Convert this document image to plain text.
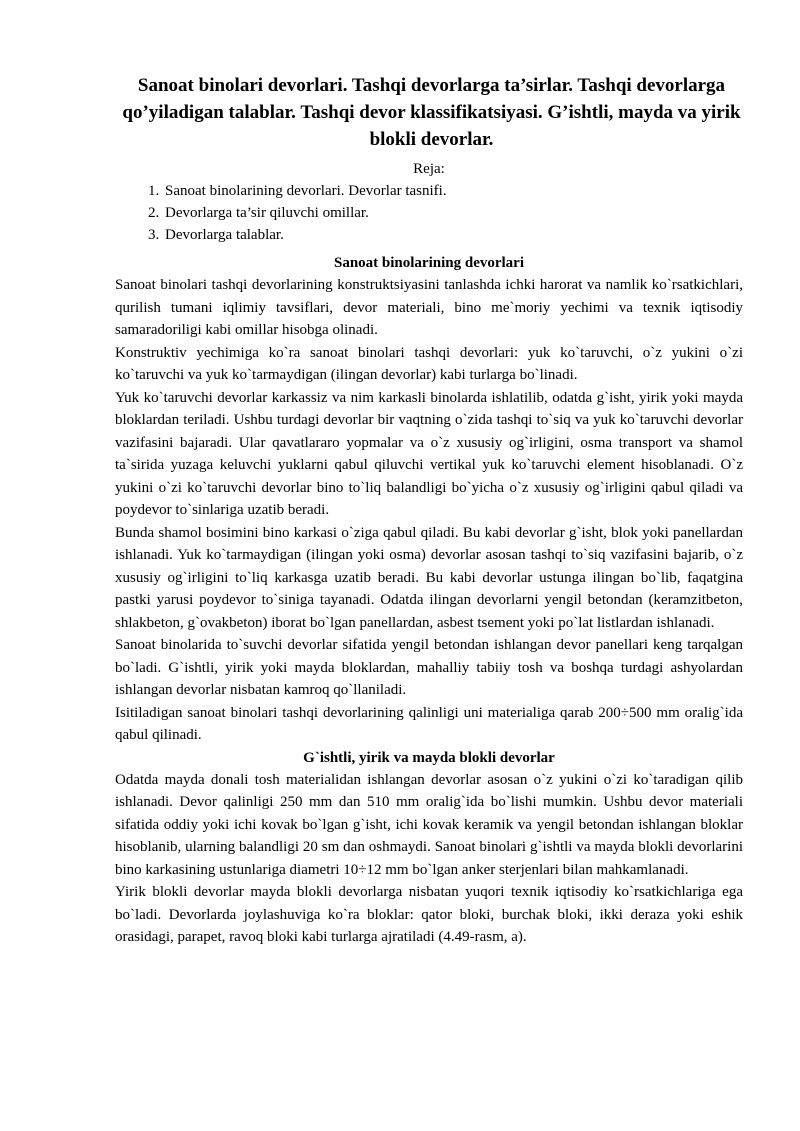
Sanoat binolari devorlari. Tashqi devorlarga ta’sirlar. Tashqi devorlarga qo’yiladigan talablar. Tashqi devor klassifikatsiyasi. G’ishtli, mayda va yirik blokli devorlar.
Reja:
1. Sanoat binolarining devorlari. Devorlar tasnifi.
2. Devorlarga ta’sir qiluvchi omillar.
3. Devorlarga talablar.
Sanoat binolarining devorlari

Sanoat binolari tashqi devorlarining konstruktsiyasini tanlashda ichki harorat va namlik ko`rsatkichlari, qurilish tumani iqlimiy tavsiflari, devor materiali, bino me`moriy yechimi va texnik iqtisodiy samaradoriligi kabi omillar hisobga olinadi.

Konstruktiv yechimiga ko`ra sanoat binolari tashqi devorlari: yuk ko`taruvchi, o`z yukini o`zi ko`taruvchi va yuk ko`tarmaydigan (ilingan devorlar) kabi turlarga bo`linadi.

Yuk ko`taruvchi devorlar karkassiz va nim karkasli binolarda ishlatilib, odatda g`isht, yirik yoki mayda bloklardan teriladi. Ushbu turdagi devorlar bir vaqtning o`zida tashqi to`siq va yuk ko`taruvchi devorlar vazifasini bajaradi. Ular qavatlararo yopmalar va o`z xususiy og`irligini, osma transport va shamol ta`sirida yuzaga keluvchi yuklarni qabul qiluvchi vertikal yuk ko`taruvchi element hisoblanadi. O`z yukini o`zi ko`taruvchi devorlar bino to`liq balandligi bo`yicha o`z xususiy og`irligini qabul qiladi va poydevor to`sinlariga uzatib beradi.

Bunda shamol bosimini bino karkasi o`ziga qabul qiladi. Bu kabi devorlar g`isht, blok yoki panellardan ishlanadi. Yuk ko`tarmaydigan (ilingan yoki osma) devorlar asosan tashqi to`siq vazifasini bajarib, o`z xususiy og`irligini to`liq karkasga uzatib beradi. Bu kabi devorlar ustunga ilingan bo`lib, faqatgina pastki yarusi poydevor to`siniga tayanadi. Odatda ilingan devorlarni yengil betondan (keramzitbeton, shlakbeton, g`ovakbeton) iborat bo`lgan panellardan, asbest tsement yoki po`lat listlardan ishlanadi.

Sanoat binolarida to`suvchi devorlar sifatida yengil betondan ishlangan devor panellari keng tarqalgan bo`ladi. G`ishtli, yirik yoki mayda bloklardan, mahalliy tabiiy tosh va boshqa turdagi ashyolardan ishlangan devorlar nisbatan kamroq qo`llaniladi.

Isitiladigan sanoat binolari tashqi devorlarining qalinligi uni materialiga qarab 200÷500 mm oralig`ida qabul qilinadi.

G`ishtli, yirik va mayda blokli devorlar

Odatda mayda donali tosh materialidan ishlangan devorlar asosan o`z yukini o`zi ko`taradigan qilib ishlanadi. Devor qalinligi 250 mm dan 510 mm oralig`ida bo`lishi mumkin. Ushbu devor materiali sifatida oddiy yoki ichi kovak bo`lgan g`isht, ichi kovak keramik va yengil betondan ishlangan bloklar hisoblanib, ularning balandligi 20 sm dan oshmaydi. Sanoat binolari g`ishtli va mayda blokli devorlarini bino karkasining ustunlariga diametri 10÷12 mm bo`lgan anker sterjenlari bilan mahkamlanadi.

Yirik blokli devorlar mayda blokli devorlarga nisbatan yuqori texnik iqtisodiy ko`rsatkichlariga ega bo`ladi. Devorlarda joylashuviga ko`ra bloklar: qator bloki, burchak bloki, ikki deraza yoki eshik orasidagi, parapet, ravoq bloki kabi turlarga ajratiladi (4.49-rasm, a).
